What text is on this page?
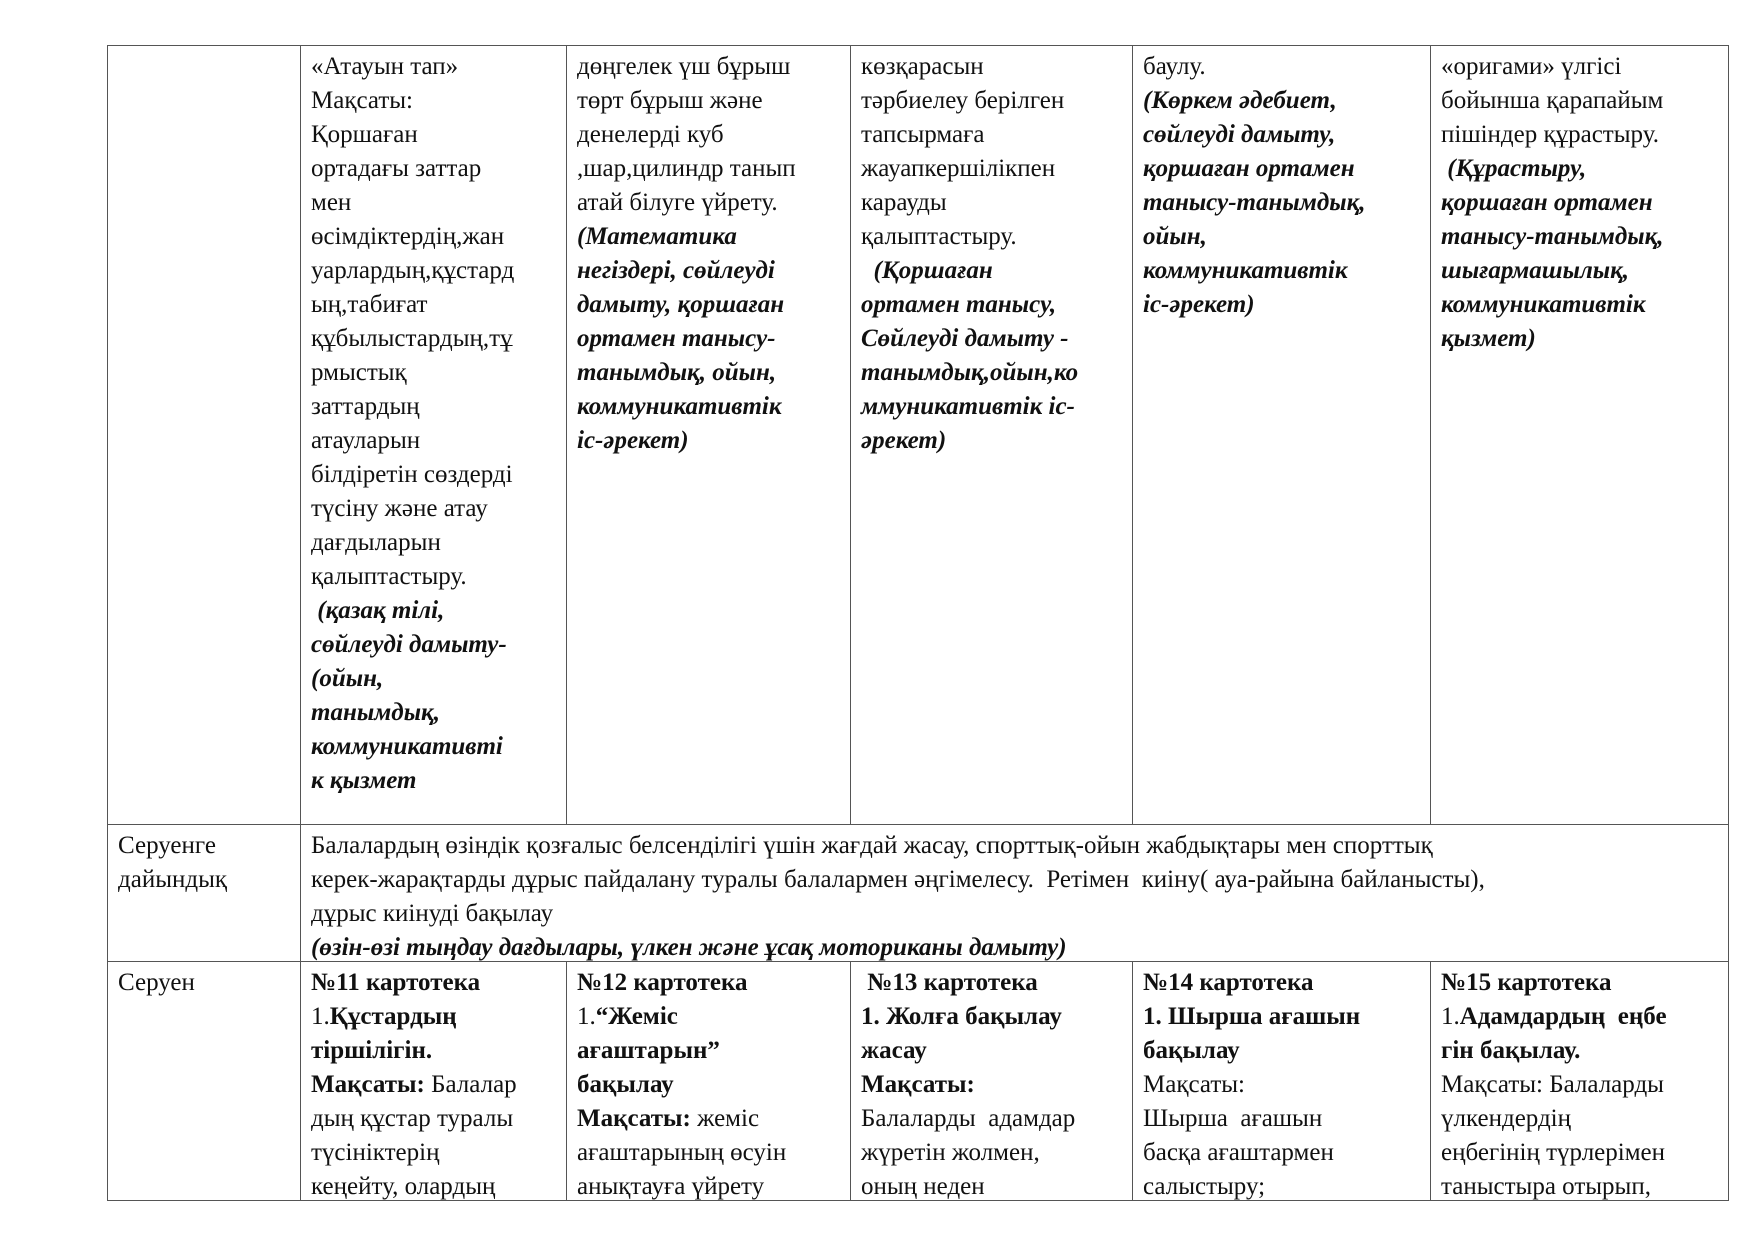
«Атауын тап»
Мақсаты:
Қоршаған
ортадағы заттар
мен
өсімдіктердің,жан
уарлардың,құстард
ың,табиғат
құбылыстардың,тұ
рмыстық
заттардың
атауларын
білдіретін сөздерді
түсіну және атау
дағдыларын
қалыптастыру.
(қазақ тілі,
сөйлеуді дамыту-
(ойын,
танымдық,
коммуникативті
к қызмет
дөңгелек үш бұрыш
төрт бұрыш және
денелерді куб
,шар,цилиндр танып
атай білуге үйрету.
(Математика
негіздері, сөйлеуді
дамыту, қоршаған
ортамен танысу-
танымдық, ойын,
коммуникативтік
іс-әрекет)
көзқарасын
тәрбиелеу берілген
тапсырмаға
жауапкершілікпен
карауды
қалыптастыру.
(Қоршаған
ортамен танысу,
Сөйлеуді дамыту -
танымдық,ойын,ко
ммуникативтік іс-
әрекет)
баулу.
(Көркем әдебиет,
сөйлеуді дамыту,
қоршаған ортамен
танысу-танымдық,
ойын,
коммуникативтік
іс-әрекет)
«оригами» үлгісі
бойынша қарапайым
пішіндер құрастыру.
(Құрастыру,
қоршаған ортамен
танысу-танымдық,
шығармашылық,
коммуникативтік
қызмет)
Серуенге
дайындық
Балалардың өзіндік қозғалыс белсенділігі үшін жағдай жасау, спорттық-ойын жабдықтары мен спорттық
керек-жарақтарды дұрыс пайдалану туралы балалармен әңгімелесу.  Ретімен  киіну( ауа-райына байланысты),
дұрыс киінуді бақылау
(өзін-өзі тыңдау дағдылары, үлкен және ұсақ моториканы дамыту)
Серуен	№11 картотека
1.Құстардың
тіршілігін.
Мақсаты: Балалар
дың құстар туралы
түсініктерің
кеңейту, олардың
№12 картотека
1.“Жеміс
ағаштарын”
бақылау
Мақсаты: жеміс
ағаштарының өсуін
анықтауға үйрету
№13 картотека
1. Жолға бақылау
жасау
Мақсаты:
Балаларды  адамдар
жүретін жолмен,
оның неден
№14 картотека
1. Шырша ағашын
бақылау
Мақсаты:
Шырша  ағашын
басқа ағаштармен
салыстыру;
№15 картотека
1.Адамдардың  еңбе
гін бақылау.
Мақсаты: Балаларды
үлкендердің
еңбегінің түрлерімен
таныстыра отырып,
